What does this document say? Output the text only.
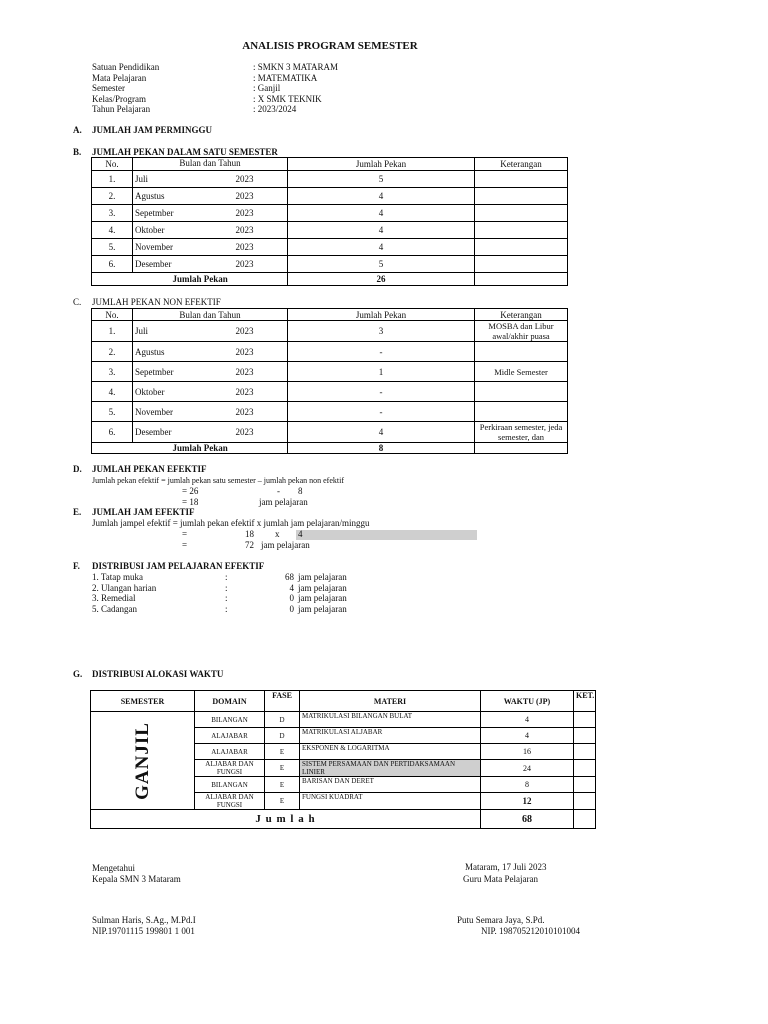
ANALISIS PROGRAM SEMESTER
Satuan Pendidikan	: SMKN 3 MATARAM
Mata Pelajaran	: MATEMATIKA
Semester	: Ganjil
Kelas/Program	: X SMK TEKNIK
Tahun Pelajaran	: 2023/2024
A. JUMLAH JAM PERMINGGU
B. JUMLAH PEKAN DALAM SATU SEMESTER
No.	Bulan dan Tahun		Jumlah Pekan	Keterangan
1.	Juli	2023	5	
2.	Agustus	2023	4	
3.	Sepetmber	2023	4	
4.	Oktober	2023	4	
5.	November	2023	4	
6.	Desember	2023	5	
	Jumlah Pekan		26	
C. JUMLAH PEKAN NON EFEKTIF
No.	Bulan dan Tahun		Jumlah Pekan	Keterangan
1.	Juli	2023	3	MOSBA dan Libur awal/akhir puasa
2.	Agustus	2023	-	
3.	Sepetmber	2023	1	Midle Semester
4.	Oktober	2023	-	
5.	November	2023	-	
6.	Desember	2023	4	Perkiraan semester, jeda semester, dan
	Jumlah Pekan		8	
D. JUMLAH PEKAN EFEKTIF
Jumlah pekan efektif = jumlah pekan satu semester – jumlah pekan non efektif
= 26	- 8
= 18	jam pelajaran
E. JUMLAH JAM EFEKTIF
Jumlah jampel efektif = jumlah pekan efektif x jumlah jam pelajaran/minggu
=	18 x 4
=	72 jam pelajaran
F. DISTRIBUSI JAM PELAJARAN EFEKTIF
1. Tatap muka	:	68 jam pelajaran
2. Ulangan harian	:	4 jam pelajaran
3. Remedial	:	0 jam pelajaran
5. Cadangan	:	0 jam pelajaran
G. DISTRIBUSI ALOKASI WAKTU
SEMESTER	DOMAIN	FASE	MATERI	WAKTU (JP)	KET.
GANJIL	BILANGAN	D	MATRIKULASI BILANGAN BULAT	4	
	ALAJABAR	D	MATRIKULASI ALJABAR	4	
	ALAJABAR	E	EKSPONEN & LOGARITMA	16	
	ALJABAR DAN FUNGSI	E	SISTEM PERSAMAAN DAN PERTIDAKSAMAAN LINIER	24	
	BILANGAN	E	BARISAN DAN DERET	8	
	ALJABAR DAN FUNGSI	E	FUNGSI KUADRAT	12	
J u m l a h				68	
Mengetahui
Kepala SMN 3 Mataram
Sulman Haris, S.Ag., M.Pd.I
NIP.19701115 199801 1 001
Mataram, 17 Juli 2023
Guru Mata Pelajaran
Putu Semara Jaya, S.Pd.
NIP. 198705212010101004
